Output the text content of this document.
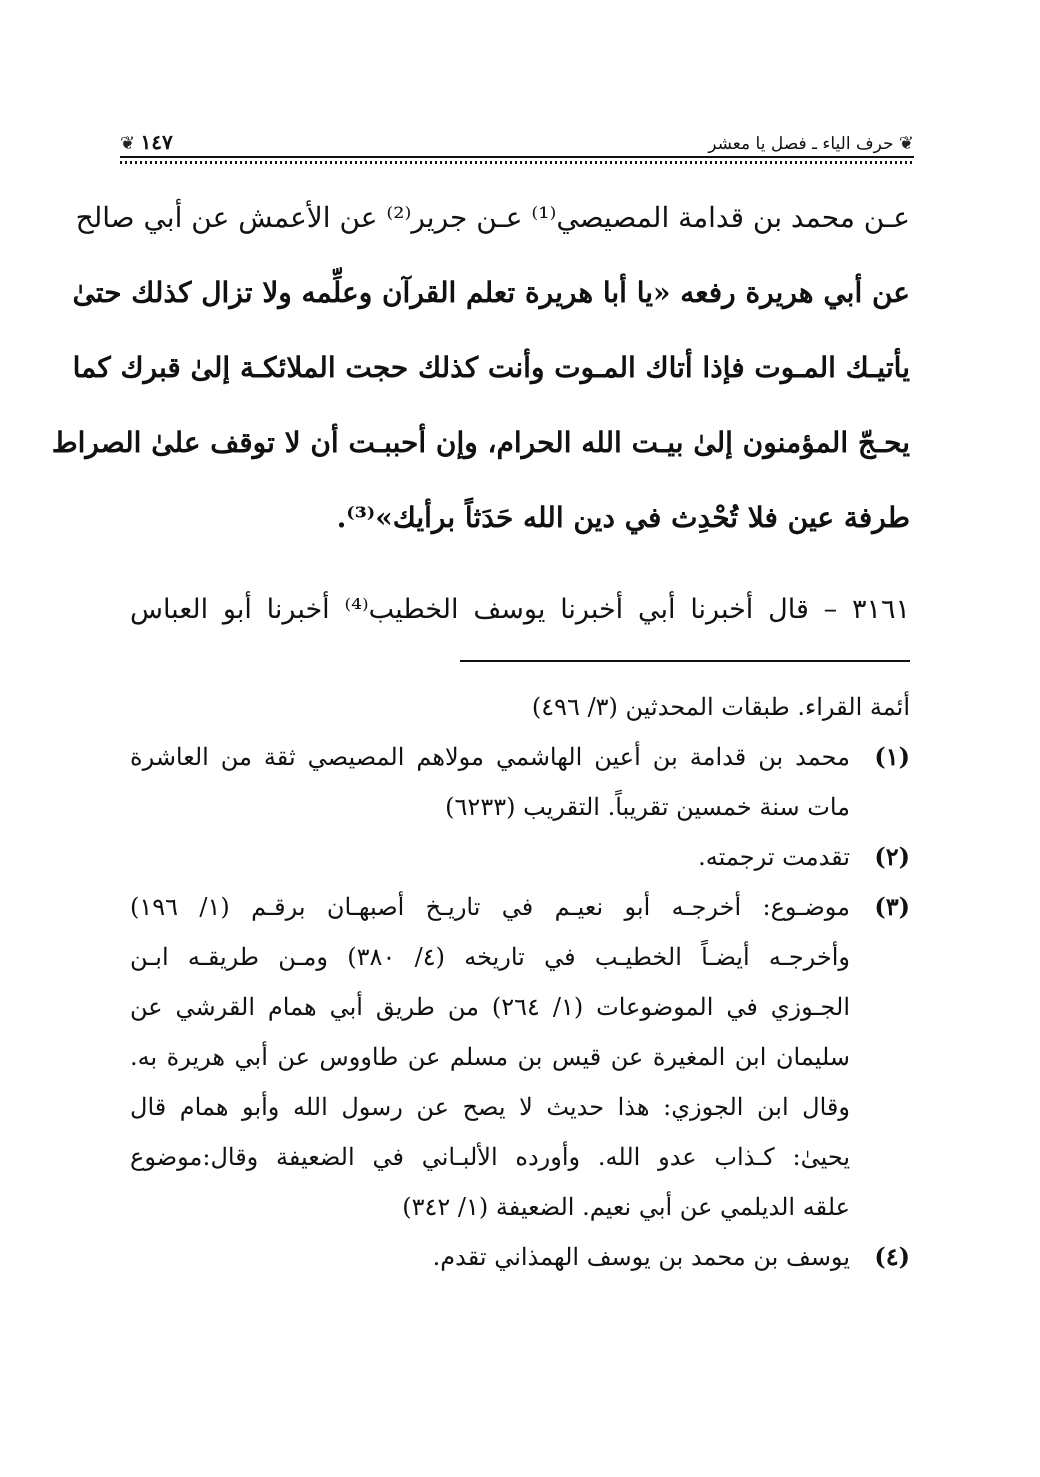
❦ حرف الياء ـ فصل يا معشر
١٤٧ ❦

عـن محمد بن قدامة المصيصي⁽¹⁾ عـن جرير⁽²⁾ عن الأعمش عن أبي صالح

عن أبي هريرة رفعه «يا أبا هريرة تعلم القرآن وعلِّمه ولا تزال كذلك حتىٰ

يأتيـك المـوت فإذا أتاك المـوت وأنت كذلك حجت الملائكـة إلىٰ قبرك كما

يحـجّ المؤمنون إلىٰ بيـت الله الحرام، وإن أحببـت أن لا توقف علىٰ الصراط

طرفة عين فلا تُحْدِث في دين الله حَدَثاً برأيك»⁽³⁾.

٣١٦١ – قال أخبرنا أبي أخبرنا يوسف الخطيب⁽⁴⁾ أخبرنا أبو العباس

أئمة القراء. طبقات المحدثين (٣/ ٤٩٦)
(١)
محمد بن قدامة بن أعين الهاشمي مولاهم المصيصي ثقة من العاشرة
مات سنة خمسين تقريباً. التقريب (٦٢٣٣)
(٢)
تقدمت ترجمته.
(٣)
موضـوع: أخرجـه أبو نعيـم في تاريـخ أصبهـان برقـم (١/ ١٩٦)
وأخرجـه أيضـاً الخطيـب في تاريخه (٤/ ٣٨٠) ومـن طريقـه ابـن
الجـوزي في الموضوعات (١/ ٢٦٤) من طريق أبي همام القرشي عن
سليمان ابن المغيرة عن قيس بن مسلم عن طاووس عن أبي هريرة به.
وقال ابن الجوزي: هذا حديث لا يصح عن رسول الله وأبو همام قال
يحيىٰ: كـذاب عدو الله. وأورده الألبـاني في الضعيفة وقال:موضوع
علقه الديلمي عن أبي نعيم. الضعيفة (١/ ٣٤٢)
(٤)
يوسف بن محمد بن يوسف الهمذاني تقدم.
